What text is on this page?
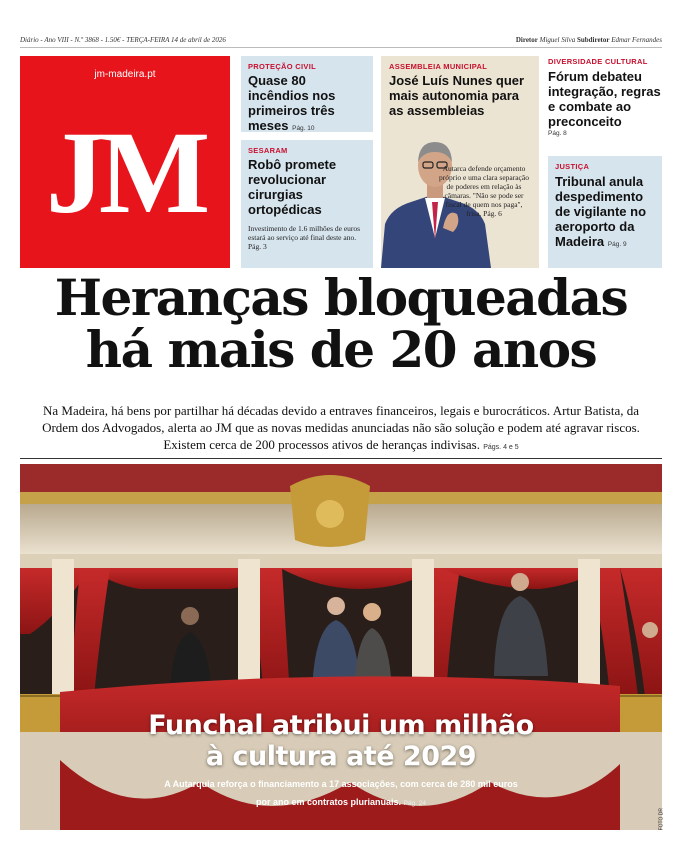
Diário - Ano VIII - N.º 3868 - 1.50€ - TERÇA-FEIRA 14 de abril de 2026	Diretor Miguel Silva Subdiretor Edmar Fernandes
jm-madeira.pt
JM
PROTEÇÃO CIVIL
Quase 80 incêndios nos primeiros três meses Pág. 10
SESARAM
Robô promete revolucionar cirurgias ortopédicas
Investimento de 1.6 milhões de euros estará ao serviço até final deste ano. Pág. 3
ASSEMBLEIA MUNICIPAL
José Luís Nunes quer mais autonomia para as assembleias
Autarca defende orçamento próprio e uma clara separação de poderes em relação às câmaras. "Não se pode ser fiscal de quem nos paga", frisa. Pág. 6
DIVERSIDADE CULTURAL
Fórum debateu integração, regras e combate ao preconceito
Pág. 8
JUSTIÇA
Tribunal anula despedimento de vigilante no aeroporto da Madeira Pág. 9
Heranças bloqueadas
há mais de 20 anos
Na Madeira, há bens por partilhar há décadas devido a entraves financeiros, legais e burocráticos. Artur Batista, da Ordem dos Advogados, alerta ao JM que as novas medidas anunciadas não são solução e podem até agravar riscos. Existem cerca de 200 processos ativos de heranças indivisas. Págs. 4 e 5
Funchal atribui um milhão
à cultura até 2029
A Autarquia reforça o financiamento a 17 associações, com cerca de 280 mil euros
por ano em contratos plurianuais. Pág. 24
FOTO DR
